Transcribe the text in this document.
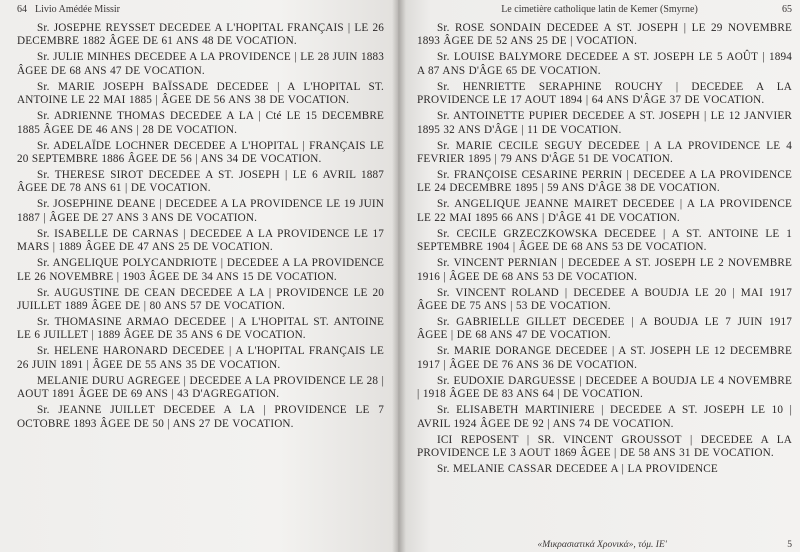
64 Livio Amédée Missir

Sr. JOSEPHE REYSSET DECEDEE A L'HOPITAL FRANÇAIS | LE 26 DECEMBRE 1882 ÂGEE DE 61 ANS 48 DE VOCATION.

Sr. JULIE MINHES DECEDEE A LA PROVIDENCE | LE 28 JUIN 1883 ÂGEE DE 68 ANS 47 DE VOCATION.

Sr. MARIE JOSEPH BAÏSSADE DECEDEE | A L'HOPITAL ST. ANTOINE LE 22 MAI 1885 | ÂGEE DE 56 ANS 38 DE VOCATION.

Sr. ADRIENNE THOMAS DECEDEE A LA | Cté LE 15 DECEMBRE 1885 ÂGEE DE 46 ANS | 28 DE VOCATION.

Sr. ADELAÏDE LOCHNER DECEDEE A L'HOPITAL | FRANÇAIS LE 20 SEPTEMBRE 1886 ÂGEE DE 56 | ANS 34 DE VOCATION.

Sr. THERESE SIROT DECEDEE A ST. JOSEPH | LE 6 AVRIL 1887 ÂGEE DE 78 ANS 61 | DE VOCATION.

Sr. JOSEPHINE DEANE | DECEDEE A LA PROVIDENCE LE 19 JUIN 1887 | ÂGEE DE 27 ANS 3 ANS DE VOCATION.

Sr. ISABELLE DE CARNAS | DECEDEE A LA PROVIDENCE LE 17 MARS | 1889 ÂGEE DE 47 ANS 25 DE VOCATION.

Sr. ANGELIQUE POLYCANDRIOTE | DECEDEE A LA PROVIDENCE LE 26 NOVEMBRE | 1903 ÂGEE DE 34 ANS 15 DE VOCATION.

Sr. AUGUSTINE DE CEAN DECEDEE A LA | PROVIDENCE LE 20 JUILLET 1889 ÂGEE DE | 80 ANS 57 DE VOCATION.

Sr. THOMASINE ARMAO DECEDEE | A L'HOPITAL ST. ANTOINE LE 6 JUILLET | 1889 ÂGEE DE 35 ANS 6 DE VOCATION.

Sr. HELENE HARONARD DECEDEE | A L'HOPITAL FRANÇAIS LE 26 JUIN 1891 | ÂGEE DE 55 ANS 35 DE VOCATION.

MELANIE DURU AGREGEE | DECEDEE A LA PROVIDENCE LE 28 | AOUT 1891 ÂGEE DE 69 ANS | 43 D'AGREGATION.

Sr. JEANNE JUILLET DECEDEE A LA | PROVIDENCE LE 7 OCTOBRE 1893 ÂGEE DE 50 | ANS 27 DE VOCATION.

Le cimetière catholique latin de Kemer (Smyrne)	65

Sr. ROSE SONDAIN DECEDEE A ST. JOSEPH | LE 29 NOVEMBRE 1893 ÂGEE DE 52 ANS 25 DE | VOCATION.

Sr. LOUISE BALYMORE DECEDEE A ST. JOSEPH LE 5 AOÛT | 1894 A 87 ANS D'ÂGE 65 DE VOCATION.

Sr. HENRIETTE SERAPHINE ROUCHY | DECEDEE A LA PROVIDENCE LE 17 AOUT 1894 | 64 ANS D'ÂGE 37 DE VOCATION.

Sr. ANTOINETTE PUPIER DECEDEE A ST. JOSEPH | LE 12 JANVIER 1895 32 ANS D'ÂGE | 11 DE VOCATION.

Sr. MARIE CECILE SEGUY DECEDEE | A LA PROVIDENCE LE 4 FEVRIER 1895 | 79 ANS D'ÂGE 51 DE VOCATION.

Sr. FRANÇOISE CESARINE PERRIN | DECEDEE A LA PROVIDENCE LE 24 DECEMBRE 1895 | 59 ANS D'ÂGE 38 DE VOCATION.

Sr. ANGELIQUE JEANNE MAIRET DECEDEE | A LA PROVIDENCE LE 22 MAI 1895 66 ANS | D'ÂGE 41 DE VOCATION.

Sr. CECILE GRZECZKOWSKA DECEDEE | A ST. ANTOINE LE 1 SEPTEMBRE 1904 | ÂGEE DE 68 ANS 53 DE VOCATION.

Sr. VINCENT PERNIAN | DECEDEE A ST. JOSEPH LE 2 NOVEMBRE 1916 | ÂGEE DE 68 ANS 53 DE VOCATION.

Sr. VINCENT ROLAND | DECEDEE A BOUDJA LE 20 | MAI 1917 ÂGEE DE 75 ANS | 53 DE VOCATION.

Sr. GABRIELLE GILLET DECEDEE | A BOUDJA LE 7 JUIN 1917 ÂGEE | DE 68 ANS 47 DE VOCATION.

Sr. MARIE DORANGE DECEDEE | A ST. JOSEPH LE 12 DECEMBRE 1917 | ÂGEE DE 76 ANS 36 DE VOCATION.

Sr. EUDOXIE DARGUESSE | DECEDEE A BOUDJA LE 4 NOVEMBRE | 1918 ÂGEE DE 83 ANS 64 | DE VOCATION.

Sr. ELISABETH MARTINIERE | DECEDEE A ST. JOSEPH LE 10 | AVRIL 1924 ÂGEE DE 92 | ANS 74 DE VOCATION.

ICI REPOSENT | SR. VINCENT GROUSSOT | DECEDEE A LA PROVIDENCE LE 3 AOUT 1869 ÂGEE | DE 58 ANS 31 DE VOCATION.

Sr. MELANIE CASSAR DECEDEE A | LA PROVIDENCE

«Μικρασιατικά Χρονικά», τόμ. ΙΕ'	5
